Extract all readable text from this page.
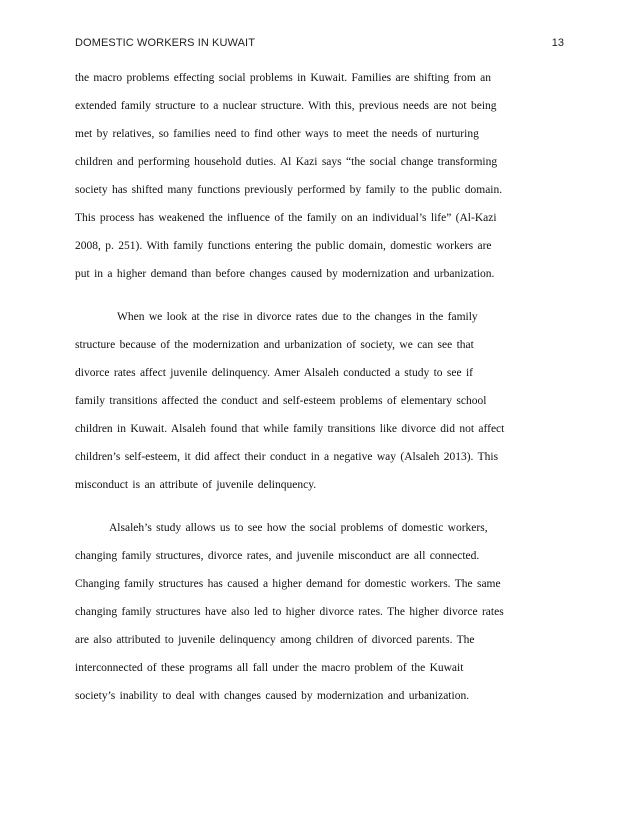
DOMESTIC WORKERS IN KUWAIT	13
the macro problems effecting social problems in Kuwait. Families are shifting from an
extended family structure to a nuclear structure. With this, previous needs are not being
met by relatives, so families need to find other ways to meet the needs of nurturing
children and performing household duties. Al Kazi says “the social change transforming
society has shifted many functions previously performed by family to the public domain.
This process has weakened the influence of the family on an individual’s life” (Al-Kazi
2008, p. 251). With family functions entering the public domain, domestic workers are
put in a higher demand than before changes caused by modernization and urbanization.
When we look at the rise in divorce rates due to the changes in the family
structure because of the modernization and urbanization of society, we can see that
divorce rates affect juvenile delinquency. Amer Alsaleh conducted a study to see if
family transitions affected the conduct and self-esteem problems of elementary school
children in Kuwait. Alsaleh found that while family transitions like divorce did not affect
children’s self-esteem, it did affect their conduct in a negative way (Alsaleh 2013). This
misconduct is an attribute of juvenile delinquency.
Alsaleh’s study allows us to see how the social problems of domestic workers,
changing family structures, divorce rates, and juvenile misconduct are all connected.
Changing family structures has caused a higher demand for domestic workers. The same
changing family structures have also led to higher divorce rates. The higher divorce rates
are also attributed to juvenile delinquency among children of divorced parents. The
interconnected of these programs all fall under the macro problem of the Kuwait
society’s inability to deal with changes caused by modernization and urbanization.
